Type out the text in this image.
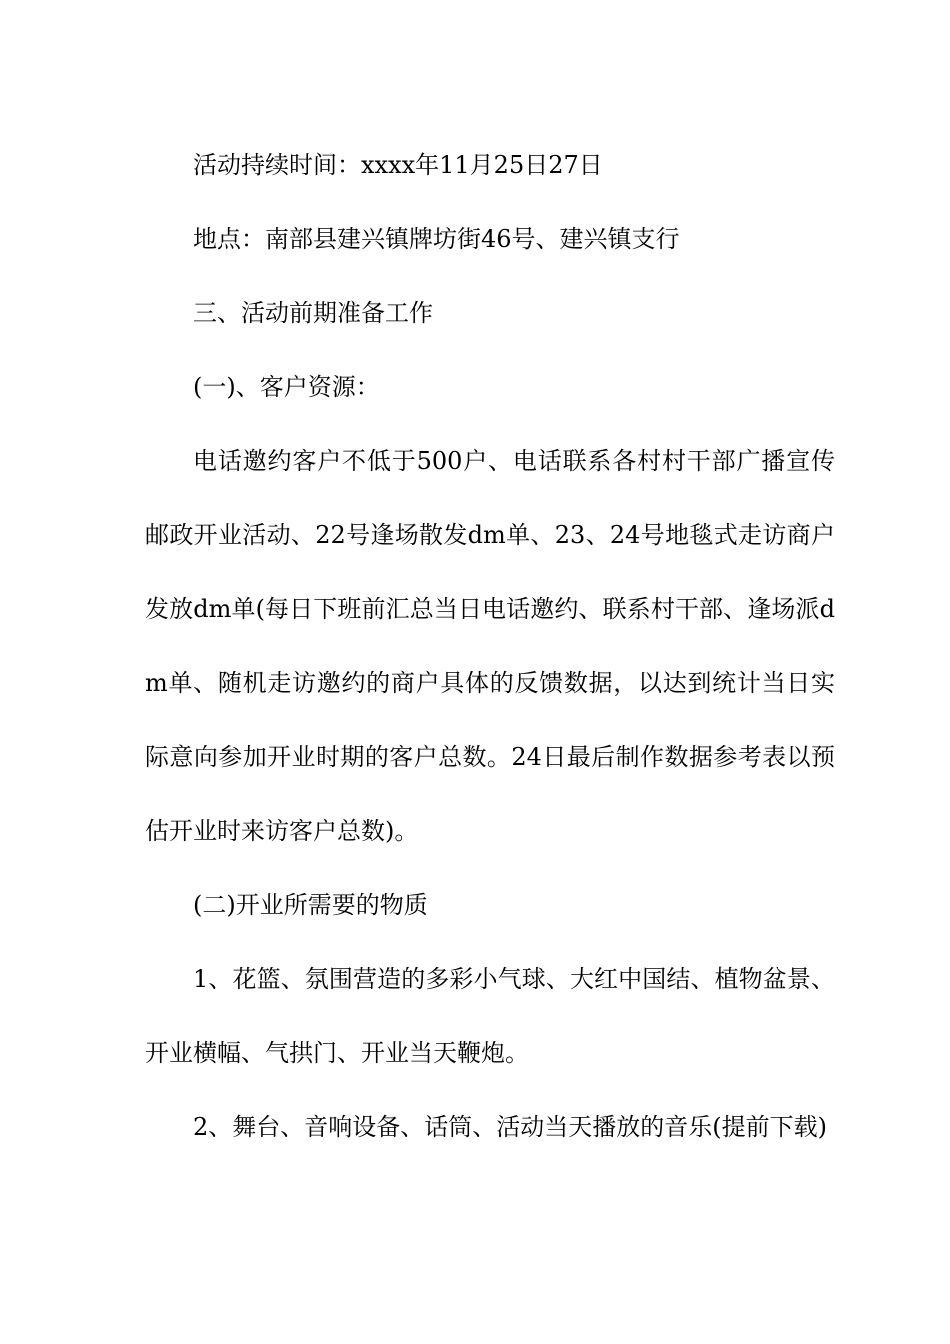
活动持续时间：xxxx年11月25日27日

地点：南部县建兴镇牌坊街46号、建兴镇支行

三、活动前期准备工作

(一)、客户资源：

电话邀约客户不低于500户、电话联系各村村干部广播宣传邮政开业活动、22号逢场散发dm单、23、24号地毯式走访商户发放dm单(每日下班前汇总当日电话邀约、联系村干部、逢场派dm单、随机走访邀约的商户具体的反馈数据，以达到统计当日实际意向参加开业时期的客户总数。24日最后制作数据参考表以预估开业时来访客户总数)。

(二)开业所需要的物质

1、花篮、氛围营造的多彩小气球、大红中国结、植物盆景、开业横幅、气拱门、开业当天鞭炮。

2、舞台、音响设备、话筒、活动当天播放的音乐(提前下载)
